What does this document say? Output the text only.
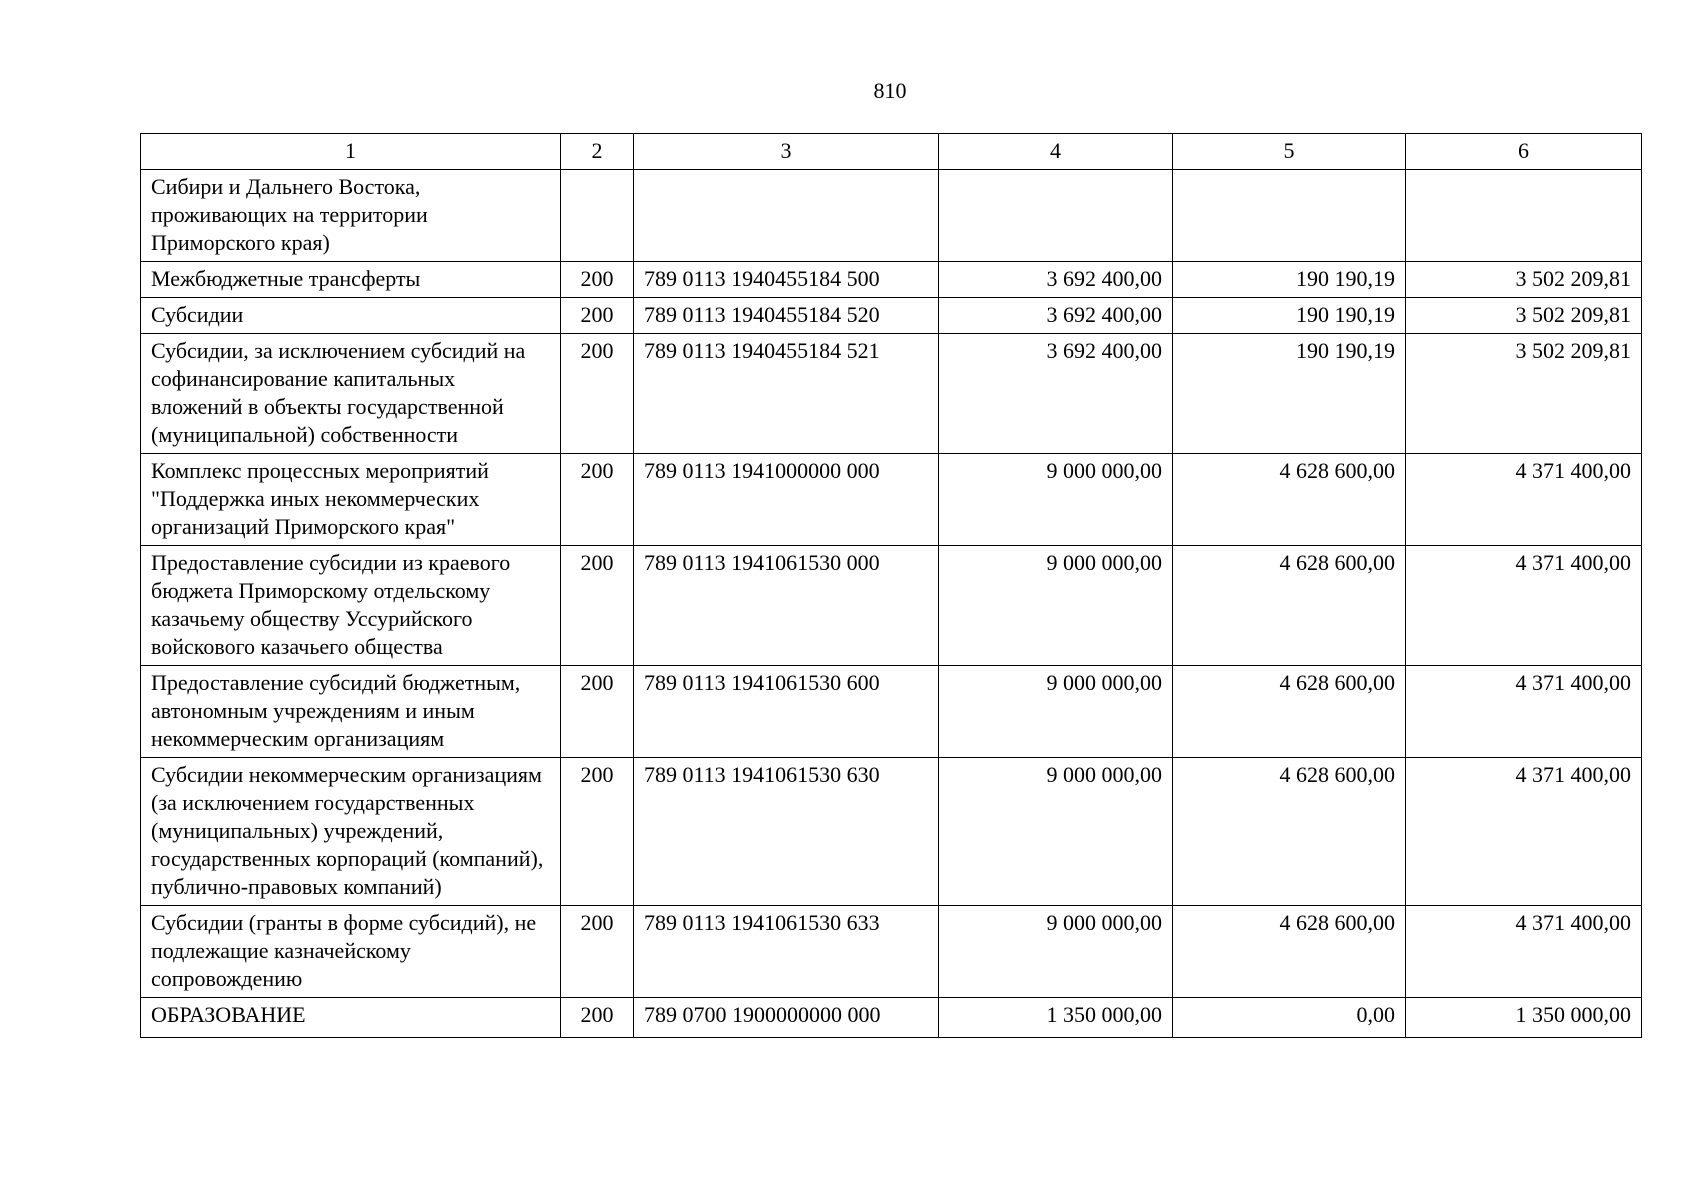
810
1	2	3	4	5	6
Сибири и Дальнего Востока, проживающих на территории Приморского края)					
Межбюджетные трансферты	200	789 0113 1940455184 500	3 692 400,00	190 190,19	3 502 209,81
Субсидии	200	789 0113 1940455184 520	3 692 400,00	190 190,19	3 502 209,81
Субсидии, за исключением субсидий на софинансирование капитальных вложений в объекты государственной (муниципальной) собственности	200	789 0113 1940455184 521	3 692 400,00	190 190,19	3 502 209,81
Комплекс процессных мероприятий "Поддержка иных некоммерческих организаций Приморского края"	200	789 0113 1941000000 000	9 000 000,00	4 628 600,00	4 371 400,00
Предоставление субсидии из краевого бюджета Приморскому отдельскому казачьему обществу Уссурийского войскового казачьего общества	200	789 0113 1941061530 000	9 000 000,00	4 628 600,00	4 371 400,00
Предоставление субсидий бюджетным, автономным учреждениям и иным некоммерческим организациям	200	789 0113 1941061530 600	9 000 000,00	4 628 600,00	4 371 400,00
Субсидии некоммерческим организациям (за исключением государственных (муниципальных) учреждений, государственных корпораций (компаний), публично-правовых компаний)	200	789 0113 1941061530 630	9 000 000,00	4 628 600,00	4 371 400,00
Субсидии (гранты в форме субсидий), не подлежащие казначейскому сопровождению	200	789 0113 1941061530 633	9 000 000,00	4 628 600,00	4 371 400,00
ОБРАЗОВАНИЕ	200	789 0700 1900000000 000	1 350 000,00	0,00	1 350 000,00
